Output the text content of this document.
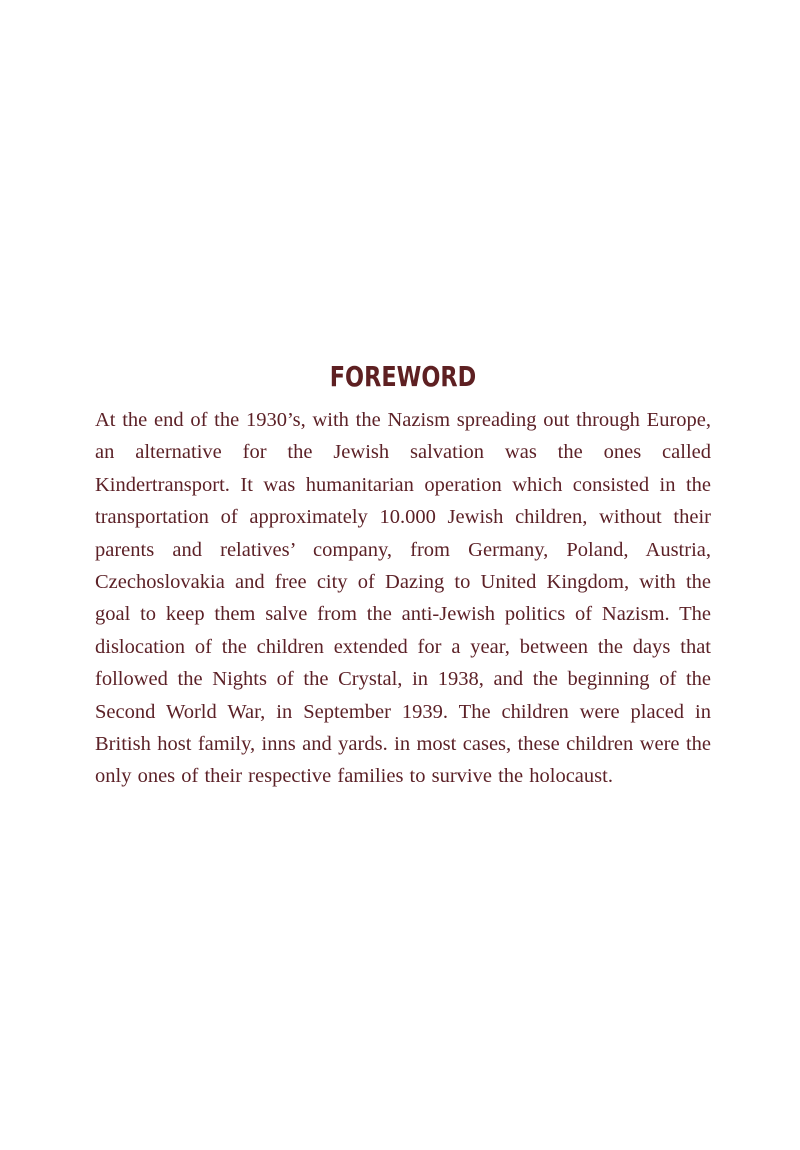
FOREWORD

At the end of the 1930’s, with the Nazism spreading out through Europe, an alternative for the Jewish salvation was the ones called Kindertransport. It was humanitarian operation which consisted in the transportation of approximately 10.000 Jewish children, without their parents and relatives’ company, from Germany, Poland, Austria, Czechoslovakia and free city of Dazing to United Kingdom, with the goal to keep them salve from the anti-Jewish politics of Nazism. The dislocation of the children extended for a year, between the days that followed the Nights of the Crystal, in 1938, and the beginning of the Second World War, in September 1939. The children were placed in British host family, inns and yards. in most cases, these children were the only ones of their respective families to survive the holocaust.
